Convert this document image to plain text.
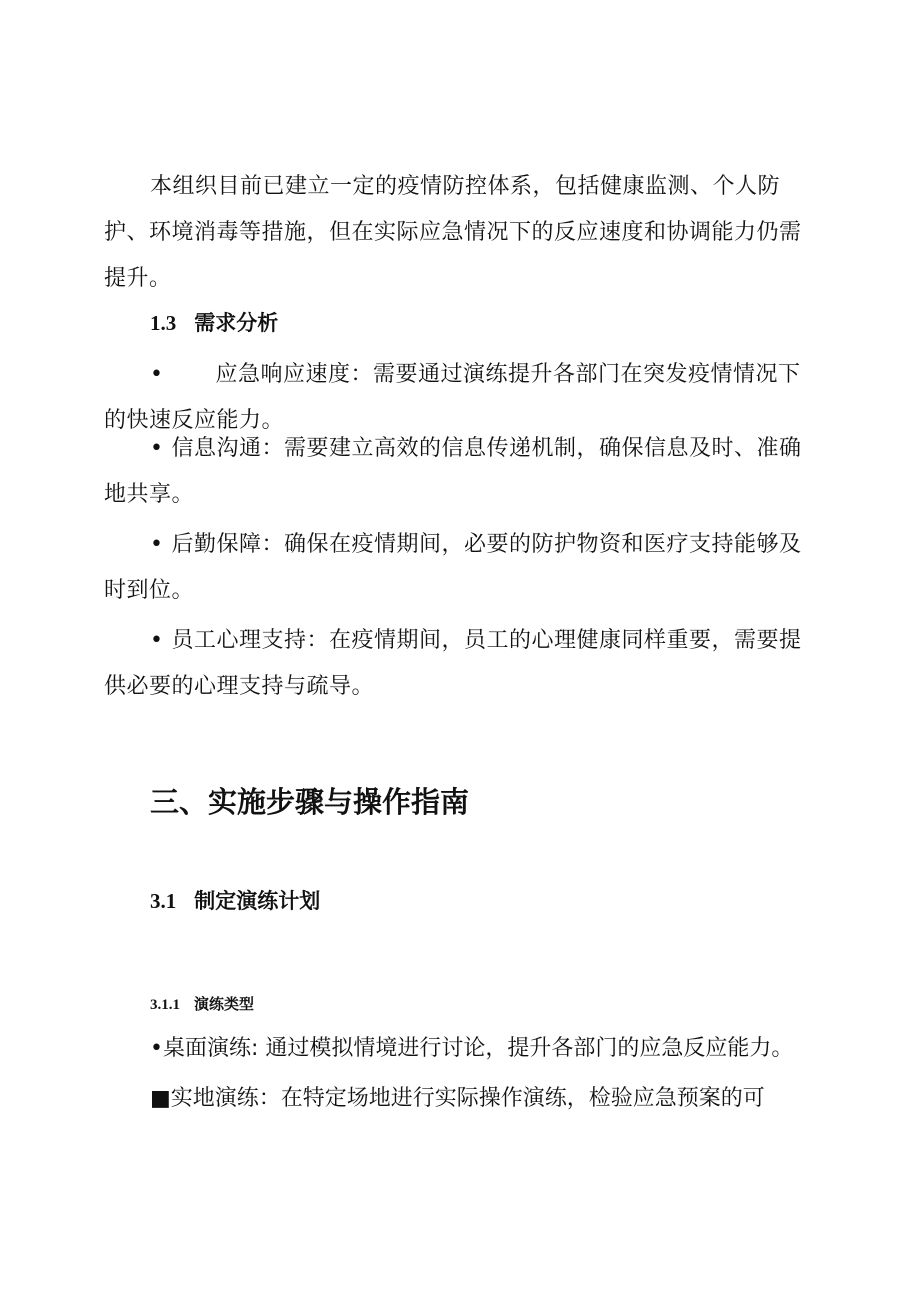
本组织目前已建立一定的疫情防控体系，包括健康监测、个人防护、环境消毒等措施，但在实际应急情况下的反应速度和协调能力仍需提升。

1.3 需求分析

• 应急响应速度：需要通过演练提升各部门在突发疫情情况下的快速反应能力。

• 信息沟通：需要建立高效的信息传递机制，确保信息及时、准确地共享。

• 后勤保障：确保在疫情期间，必要的防护物资和医疗支持能够及时到位。

• 员工心理支持：在疫情期间，员工的心理健康同样重要，需要提供必要的心理支持与疏导。

三、实施步骤与操作指南
3.1 制定演练计划
3.1.1 演练类型

•桌面演练: 通过模拟情境进行讨论，提升各部门的应急反应能力。

■实地演练：在特定场地进行实际操作演练，检验应急预案的可
